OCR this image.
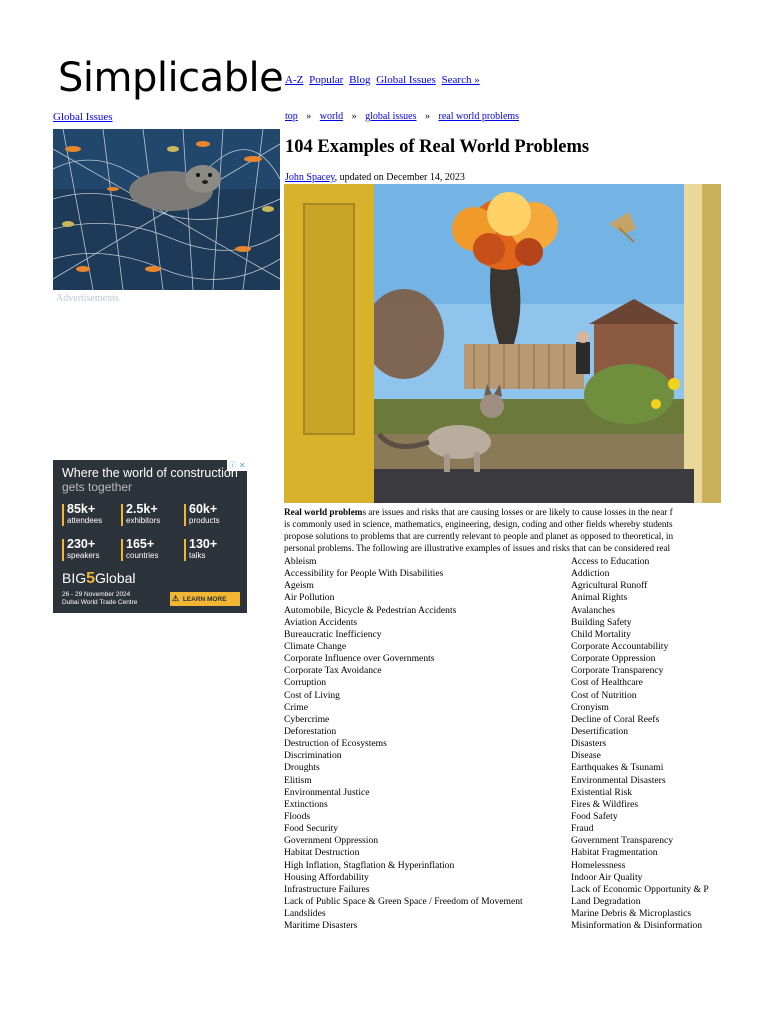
Simplicable A-Z Popular Blog Global Issues Search »
Global Issues
Advertisements
ⓘ ✕
Where the world of construction
gets together
85k+
attendees
2.5k+
exhibitors
60k+
products
230+
speakers
165+
countries
130+
talks
BIG5Global
26 - 29 November 2024
Dubai World Trade Centre	⚠ LEARN MORE
top » world » global issues » real world problems
104 Examples of Real World Problems
John Spacey, updated on December 14, 2023
Real world problems are issues and risks that are causing losses or are likely to cause losses in the near f
is commonly used in science, mathematics, engineering, design, coding and other fields whereby students
propose solutions to problems that are currently relevant to people and planet as opposed to theoretical, in
personal problems. The following are illustrative examples of issues and risks that can be considered real
Ableism
Accessibility for People With Disabilities
Ageism
Air Pollution
Automobile, Bicycle & Pedestrian Accidents
Aviation Accidents
Bureaucratic Inefficiency
Climate Change
Corporate Influence over Governments
Corporate Tax Avoidance
Corruption
Cost of Living
Crime
Cybercrime
Deforestation
Destruction of Ecosystems
Discrimination
Droughts
Elitism
Environmental Justice
Extinctions
Floods
Food Security
Government Oppression
Habitat Destruction
High Inflation, Stagflation & Hyperinflation
Housing Affordability
Infrastructure Failures
Lack of Public Space & Green Space / Freedom of Movement
Landslides
Maritime Disasters
Access to Education
Addiction
Agricultural Runoff
Animal Rights
Avalanches
Building Safety
Child Mortality
Corporate Accountability
Corporate Oppression
Corporate Transparency
Cost of Healthcare
Cost of Nutrition
Cronyism
Decline of Coral Reefs
Desertification
Disasters
Disease
Earthquakes & Tsunami
Environmental Disasters
Existential Risk
Fires & Wildfires
Food Safety
Fraud
Government Transparency
Habitat Fragmentation
Homelessness
Indoor Air Quality
Lack of Economic Opportunity & P
Land Degradation
Marine Debris & Microplastics
Misinformation & Disinformation
